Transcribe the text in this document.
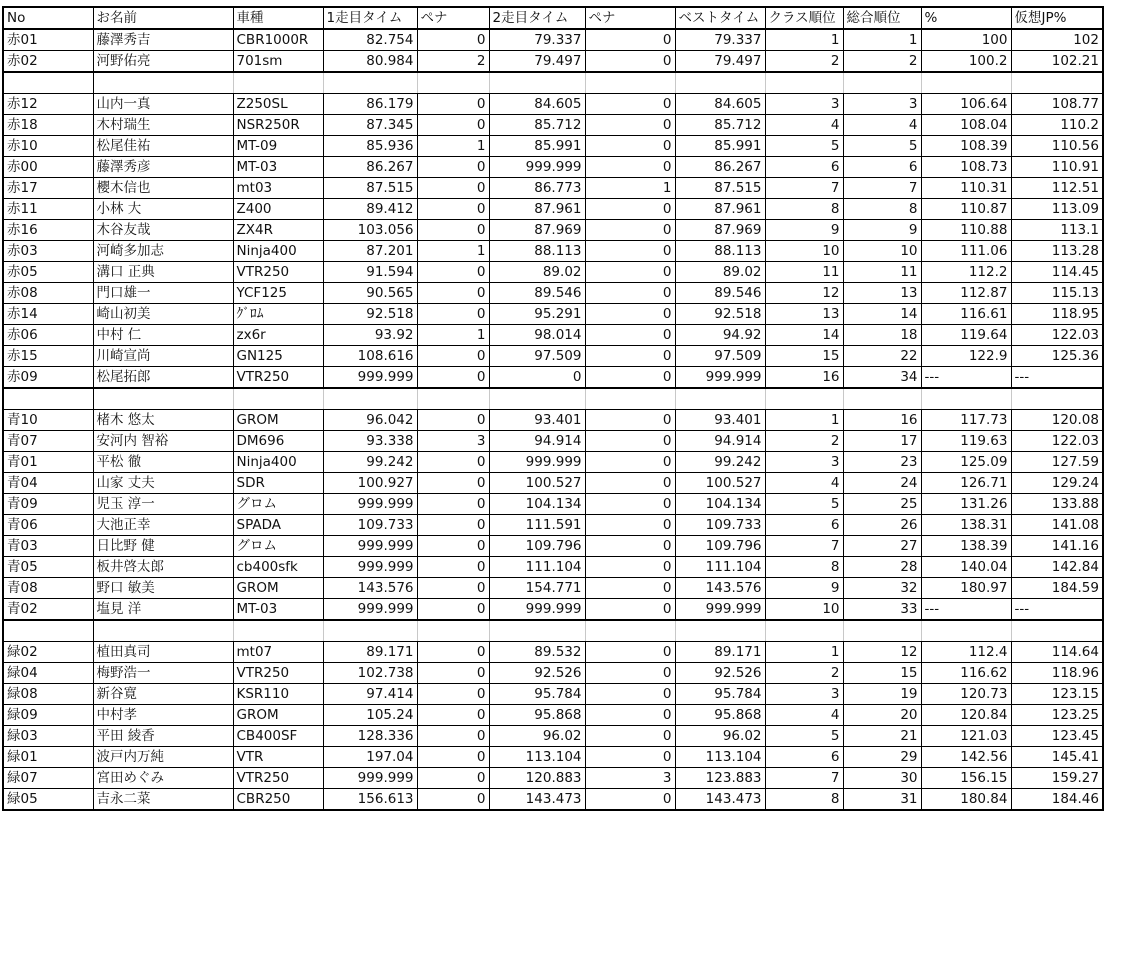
No	お名前	車種	1走目タイム	ペナ	2走目タイム	ペナ	ベストタイム	クラス順位	総合順位	%	仮想JP%
赤01	藤澤秀吉	CBR1000R	82.754	0	79.337	0	79.337	1	1	100	102
赤02	河野佑亮	701sm	80.984	2	79.497	0	79.497	2	2	100.2	102.21

赤12	山内一真	Z250SL	86.179	0	84.605	0	84.605	3	3	106.64	108.77
赤18	木村瑞生	NSR250R	87.345	0	85.712	0	85.712	4	4	108.04	110.2
赤10	松尾佳祐	MT-09	85.936	1	85.991	0	85.991	5	5	108.39	110.56
赤00	藤澤秀彦	MT-03	86.267	0	999.999	0	86.267	6	6	108.73	110.91
赤17	櫻木信也	mt03	87.515	0	86.773	1	87.515	7	7	110.31	112.51
赤11	小林 大	Z400	89.412	0	87.961	0	87.961	8	8	110.87	113.09
赤16	木谷友哉	ZX4R	103.056	0	87.969	0	87.969	9	9	110.88	113.1
赤03	河崎多加志	Ninja400	87.201	1	88.113	0	88.113	10	10	111.06	113.28
赤05	溝口 正典	VTR250	91.594	0	89.02	0	89.02	11	11	112.2	114.45
赤08	門口雄一	YCF125	90.565	0	89.546	0	89.546	12	13	112.87	115.13
赤14	崎山初美	ｸﾞﾛﾑ	92.518	0	95.291	0	92.518	13	14	116.61	118.95
赤06	中村 仁	zx6r	93.92	1	98.014	0	94.92	14	18	119.64	122.03
赤15	川崎宣尚	GN125	108.616	0	97.509	0	97.509	15	22	122.9	125.36
赤09	松尾拓郎	VTR250	999.999	0	0	0	999.999	16	34	---	---

青10	楮木 悠太	GROM	96.042	0	93.401	0	93.401	1	16	117.73	120.08
青07	安河内 智裕	DM696	93.338	3	94.914	0	94.914	2	17	119.63	122.03
青01	平松 徹	Ninja400	99.242	0	999.999	0	99.242	3	23	125.09	127.59
青04	山家 丈夫	SDR	100.927	0	100.527	0	100.527	4	24	126.71	129.24
青09	児玉 淳一	グロム	999.999	0	104.134	0	104.134	5	25	131.26	133.88
青06	大池正幸	SPADA	109.733	0	111.591	0	109.733	6	26	138.31	141.08
青03	日比野 健	グロム	999.999	0	109.796	0	109.796	7	27	138.39	141.16
青05	板井啓太郎	cb400sfk	999.999	0	111.104	0	111.104	8	28	140.04	142.84
青08	野口 敏美	GROM	143.576	0	154.771	0	143.576	9	32	180.97	184.59
青02	塩見 洋	MT-03	999.999	0	999.999	0	999.999	10	33	---	---

緑02	植田真司	mt07	89.171	0	89.532	0	89.171	1	12	112.4	114.64
緑04	梅野浩一	VTR250	102.738	0	92.526	0	92.526	2	15	116.62	118.96
緑08	新谷寛	KSR110	97.414	0	95.784	0	95.784	3	19	120.73	123.15
緑09	中村孝	GROM	105.24	0	95.868	0	95.868	4	20	120.84	123.25
緑03	平田 綾香	CB400SF	128.336	0	96.02	0	96.02	5	21	121.03	123.45
緑01	波戸内万純	VTR	197.04	0	113.104	0	113.104	6	29	142.56	145.41
緑07	宮田めぐみ	VTR250	999.999	0	120.883	3	123.883	7	30	156.15	159.27
緑05	吉永二菜	CBR250	156.613	0	143.473	0	143.473	8	31	180.84	184.46
